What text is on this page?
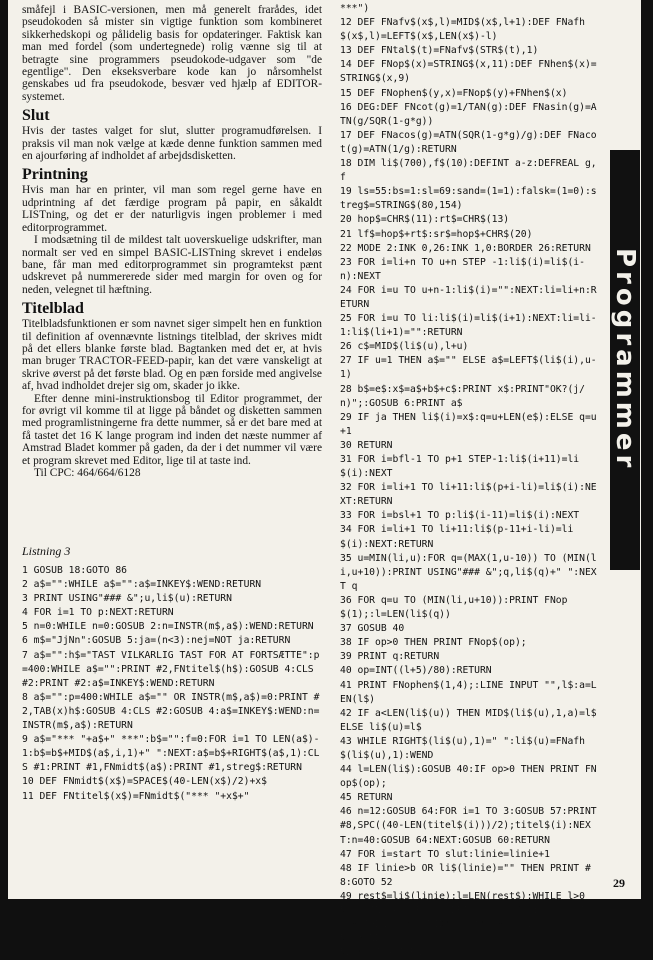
småfejl i BASIC-versionen, men må generelt frarådes, idet pseudokoden så mister sin vigtige funktion som kombineret sikkerhedskopi og pålidelig basis for opdateringer. Faktisk kan man med fordel (som undertegnede) rolig vænne sig til at betragte sine programmers pseudokode-udgaver som "de egentlige". Den ekseksverbare kode kan jo nårsomhelst genskabes ud fra pseudokode, besvær ved hjælp af EDITOR-systemet.

Slut

Hvis der tastes valget for slut, slutter programudførelsen. I praksis vil man nok vælge at kæde denne funktion sammen med en ajourføring af indholdet af arbejdsdisketten.

Printning

Hvis man har en printer, vil man som regel gerne have en udprintning af det færdige program på papir, en såkaldt LISTning, og det er der naturligvis ingen problemer i med editorprogrammet.

I modsætning til de mildest talt uoverskuelige udskrifter, man normalt ser ved en simpel BASIC-LISTning skrevet i endeløs bane, får man med editorprogrammet sin programtekst pænt udskrevet på nummererede sider med margin for oven og for neden, velegnet til hæftning.

Titelblad

Titelbladsfunktionen er som navnet siger simpelt hen en funktion til definition af ovennævnte listnings titelblad, der skrives midt på det ellers blanke første blad. Bagtanken med det er, at hvis man bruger TRACTOR-FEED-papir, kan det være vanskeligt at skrive øverst på det første blad. Og en pæn forside med angivelse af, hvad indholdet drejer sig om, skader jo ikke.

Efter denne mini-instruktionsbog til Editor programmet, der for øvrigt vil komme til at ligge på båndet og disketten sammen med programlistningerne fra dette nummer, så er det bare med at få tastet det 16 K lange program ind inden det næste nummer af Amstrad Bladet kommer på gaden, da der i det nummer vil være et program skrevet med Editor, lige til at taste ind.

Til CPC: 464/664/6128

Listning 3
1 GOSUB 18:GOTO 86
2 a$="":WHILE a$="":a$=INKEY$:WEND:RETURN
3 PRINT USING"### &";u,li$(u):RETURN
4 FOR i=1 TO p:NEXT:RETURN
5 n=0:WHILE n=0:GOSUB 2:n=INSTR(m$,a$):WEND:RETURN
6 m$="JjNn":GOSUB 5:ja=(n<3):nej=NOT ja:RETURN
7 a$="":h$="TAST VILKARLIG TAST FOR AT FORTSÆTTE":p=400:WHILE a$="":PRINT #2,FNtitel$(h$):GOSUB 4:CLS #2:PRINT #2:a$=INKEY$:WEND:RETURN
8 a$="":p=400:WHILE a$="" OR INSTR(m$,a$)=0:PRINT #2,TAB(x)h$:GOSUB 4:CLS #2:GOSUB 4:a$=INKEY$:WEND:n=INSTR(m$,a$):RETURN
9 a$="*** "+a$+" ***":b$="":f=0:FOR i=1 TO LEN(a$)-1:b$=b$+MID$(a$,i,1)+" ":NEXT:a$=b$+RIGHT$(a$,1):CLS #1:PRINT #1,FNmidt$(a$):PRINT #1,streg$:RETURN
10 DEF FNmidt$(x$)=SPACE$(40-LEN(x$)/2)+x$
11 DEF FNtitel$(x$)=FNmidt$("*** "+x$+"
***")
12 DEF FNafv$(x$,l)=MID$(x$,l+1):DEF FNafh$(x$,l)=LEFT$(x$,LEN(x$)-l)
13 DEF FNtal$(t)=FNafv$(STR$(t),1)
14 DEF FNop$(x)=STRING$(x,11):DEF FNhen$(x)=STRING$(x,9)
15 DEF FNophen$(y,x)=FNop$(y)+FNhen$(x)
16 DEG:DEF FNcot(g)=1/TAN(g):DEF FNasin(g)=ATN(g/SQR(1-g*g))
17 DEF FNacos(g)=ATN(SQR(1-g*g)/g):DEF FNacot(g)=ATN(1/g):RETURN
18 DIM li$(700),f$(10):DEFINT a-z:DEFREAL g,f
19 ls=55:bs=1:sl=69:sand=(1=1):falsk=(1=0):streg$=STRING$(80,154)
20 hop$=CHR$(11):rt$=CHR$(13)
21 lf$=hop$+rt$:sr$=hop$+CHR$(20)
22 MODE 2:INK 0,26:INK 1,0:BORDER 26:RETURN
23 FOR i=li+n TO u+n STEP -1:li$(i)=li$(i-n):NEXT
24 FOR i=u TO u+n-1:li$(i)="":NEXT:li=li+n:RETURN
25 FOR i=u TO li:li$(i)=li$(i+1):NEXT:li=li-1:li$(li+1)="":RETURN
26 c$=MID$(li$(u),l+u)
27 IF u=1 THEN a$="" ELSE a$=LEFT$(li$(i),u-1)
28 b$=e$:x$=a$+b$+c$:PRINT x$:PRINT"OK?(j/n)";:GOSUB 6:PRINT a$
29 IF ja THEN li$(i)=x$:q=u+LEN(e$):ELSE q=u+1
30 RETURN
31 FOR i=bfl-1 TO p+1 STEP-1:li$(i+11)=li$(i):NEXT
32 FOR i=li+1 TO li+11:li$(p+i-li)=li$(i):NEXT:RETURN
33 FOR i=bsl+1 TO p:li$(i-11)=li$(i):NEXT
34 FOR i=li+1 TO li+11:li$(p-11+i-li)=li$(i):NEXT:RETURN
35 u=MIN(li,u):FOR q=(MAX(1,u-10)) TO (MIN(li,u+10)):PRINT USING"### &";q,li$(q)+" ":NEXT q
36 FOR q=u TO (MIN(li,u+10)):PRINT FNop$(1);:l=LEN(li$(q))
37 GOSUB 40
38 IF op>0 THEN PRINT FNop$(op);
39 PRINT q:RETURN
40 op=INT((l+5)/80):RETURN
41 PRINT FNophen$(1,4);:LINE INPUT "",l$:a=LEN(l$)
42 IF a<LEN(li$(u)) THEN MID$(li$(u),1,a)=l$ ELSE li$(u)=l$
43 WHILE RIGHT$(li$(u),1)=" ":li$(u)=FNafh$(li$(u),1):WEND
44 l=LEN(li$):GOSUB 40:IF op>0 THEN PRINT FNop$(op);
45 RETURN
46 n=12:GOSUB 64:FOR i=1 TO 3:GOSUB 57:PRINT #8,SPC((40-LEN(titel$(i)))/2);titel$(i):NEXT:n=40:GOSUB 64:NEXT:GOSUB 60:RETURN
47 FOR i=start TO slut:linie=linie+1
48 IF linie>b OR li$(linie)="" THEN PRINT #8:GOTO 52
49 rest$=li$(linie):l=LEN(rest$):WHILE l>0
50 PRINT #8,SPC(6)LEFT$(rest$,69):l=l-69:IF l>0 THEN rest$=MID$(rest$,70):i=i+1
51 WEND
52 NEXT:RETURN
Programmer
29
